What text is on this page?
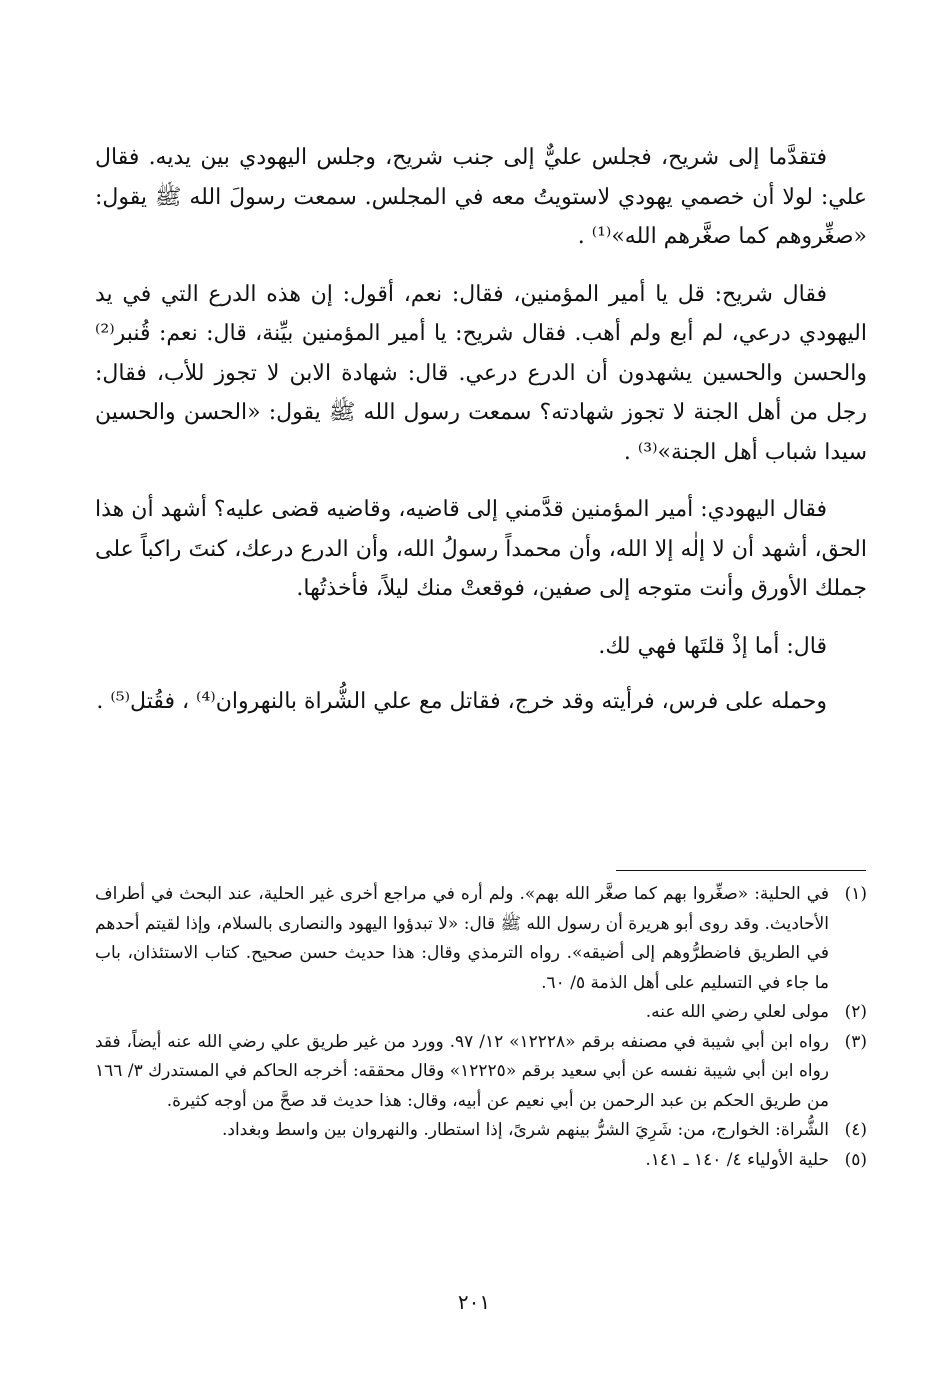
فتقدَّما إلى شريح، فجلس عليٌّ إلى جنب شريح، وجلس اليهودي بين يديه. فقال علي: لولا أن خصمي يهودي لاستويتُ معه في المجلس. سمعت رسولَ الله ﷺ يقول: «صغِّروهم كما صغَّرهم الله»⁽¹⁾ .

فقال شريح: قل يا أمير المؤمنين، فقال: نعم، أقول: إن هذه الدرع التي في يد اليهودي درعي، لم أبع ولم أهب. فقال شريح: يا أمير المؤمنين بيِّنة، قال: نعم: قُنبر⁽²⁾ والحسن والحسين يشهدون أن الدرع درعي. قال: شهادة الابن لا تجوز للأب، فقال: رجل من أهل الجنة لا تجوز شهادته؟ سمعت رسول الله ﷺ يقول: «الحسن والحسين سيدا شباب أهل الجنة»⁽³⁾ .

فقال اليهودي: أمير المؤمنين قدَّمني إلى قاضيه، وقاضيه قضى عليه؟ أشهد أن هذا الحق، أشهد أن لا إلٰه إلا الله، وأن محمداً رسولُ الله، وأن الدرع درعك، كنتَ راكباً على جملك الأورق وأنت متوجه إلى صفين، فوقعتْ منك ليلاً، فأخذتُها.

قال: أما إذْ قلتَها فهي لك.

وحمله على فرس، فرأيته وقد خرج، فقاتل مع علي الشُّراة بالنهروان⁽⁴⁾ ، فقُتل⁽⁵⁾ .

(١)في الحلية: «صغِّروا بهم كما صغَّر الله بهم». ولم أره في مراجع أخرى غير الحلية، عند البحث في أطراف الأحاديث. وقد روى أبو هريرة أن رسول الله ﷺ قال: «لا تبدؤوا اليهود والنصارى بالسلام، وإذا لقيتم أحدهم في الطريق فاضطرُّوهم إلى أضيقه». رواه الترمذي وقال: هذا حديث حسن صحيح. كتاب الاستئذان، باب ما جاء في التسليم على أهل الذمة ٥/ ٦٠.

(٢)مولى لعلي رضي الله عنه.

(٣)رواه ابن أبي شيبة في مصنفه برقم «١٢٢٢٨» ١٢/ ٩٧. وورد من غير طريق علي رضي الله عنه أيضاً، فقد رواه ابن أبي شيبة نفسه عن أبي سعيد برقم «١٢٢٢٥» وقال محققه: أخرجه الحاكم في المستدرك ٣/ ١٦٦ من طريق الحكم بن عبد الرحمن بن أبي نعيم عن أبيه، وقال: هذا حديث قد صحَّ من أوجه كثيرة.

(٤)الشُّراة: الخوارج، من: شَرِيَ الشرُّ بينهم شرىً، إذا استطار. والنهروان بين واسط وبغداد.

(٥)حلية الأولياء ٤/ ١٤٠ ـ ١٤١.

٢٠١
